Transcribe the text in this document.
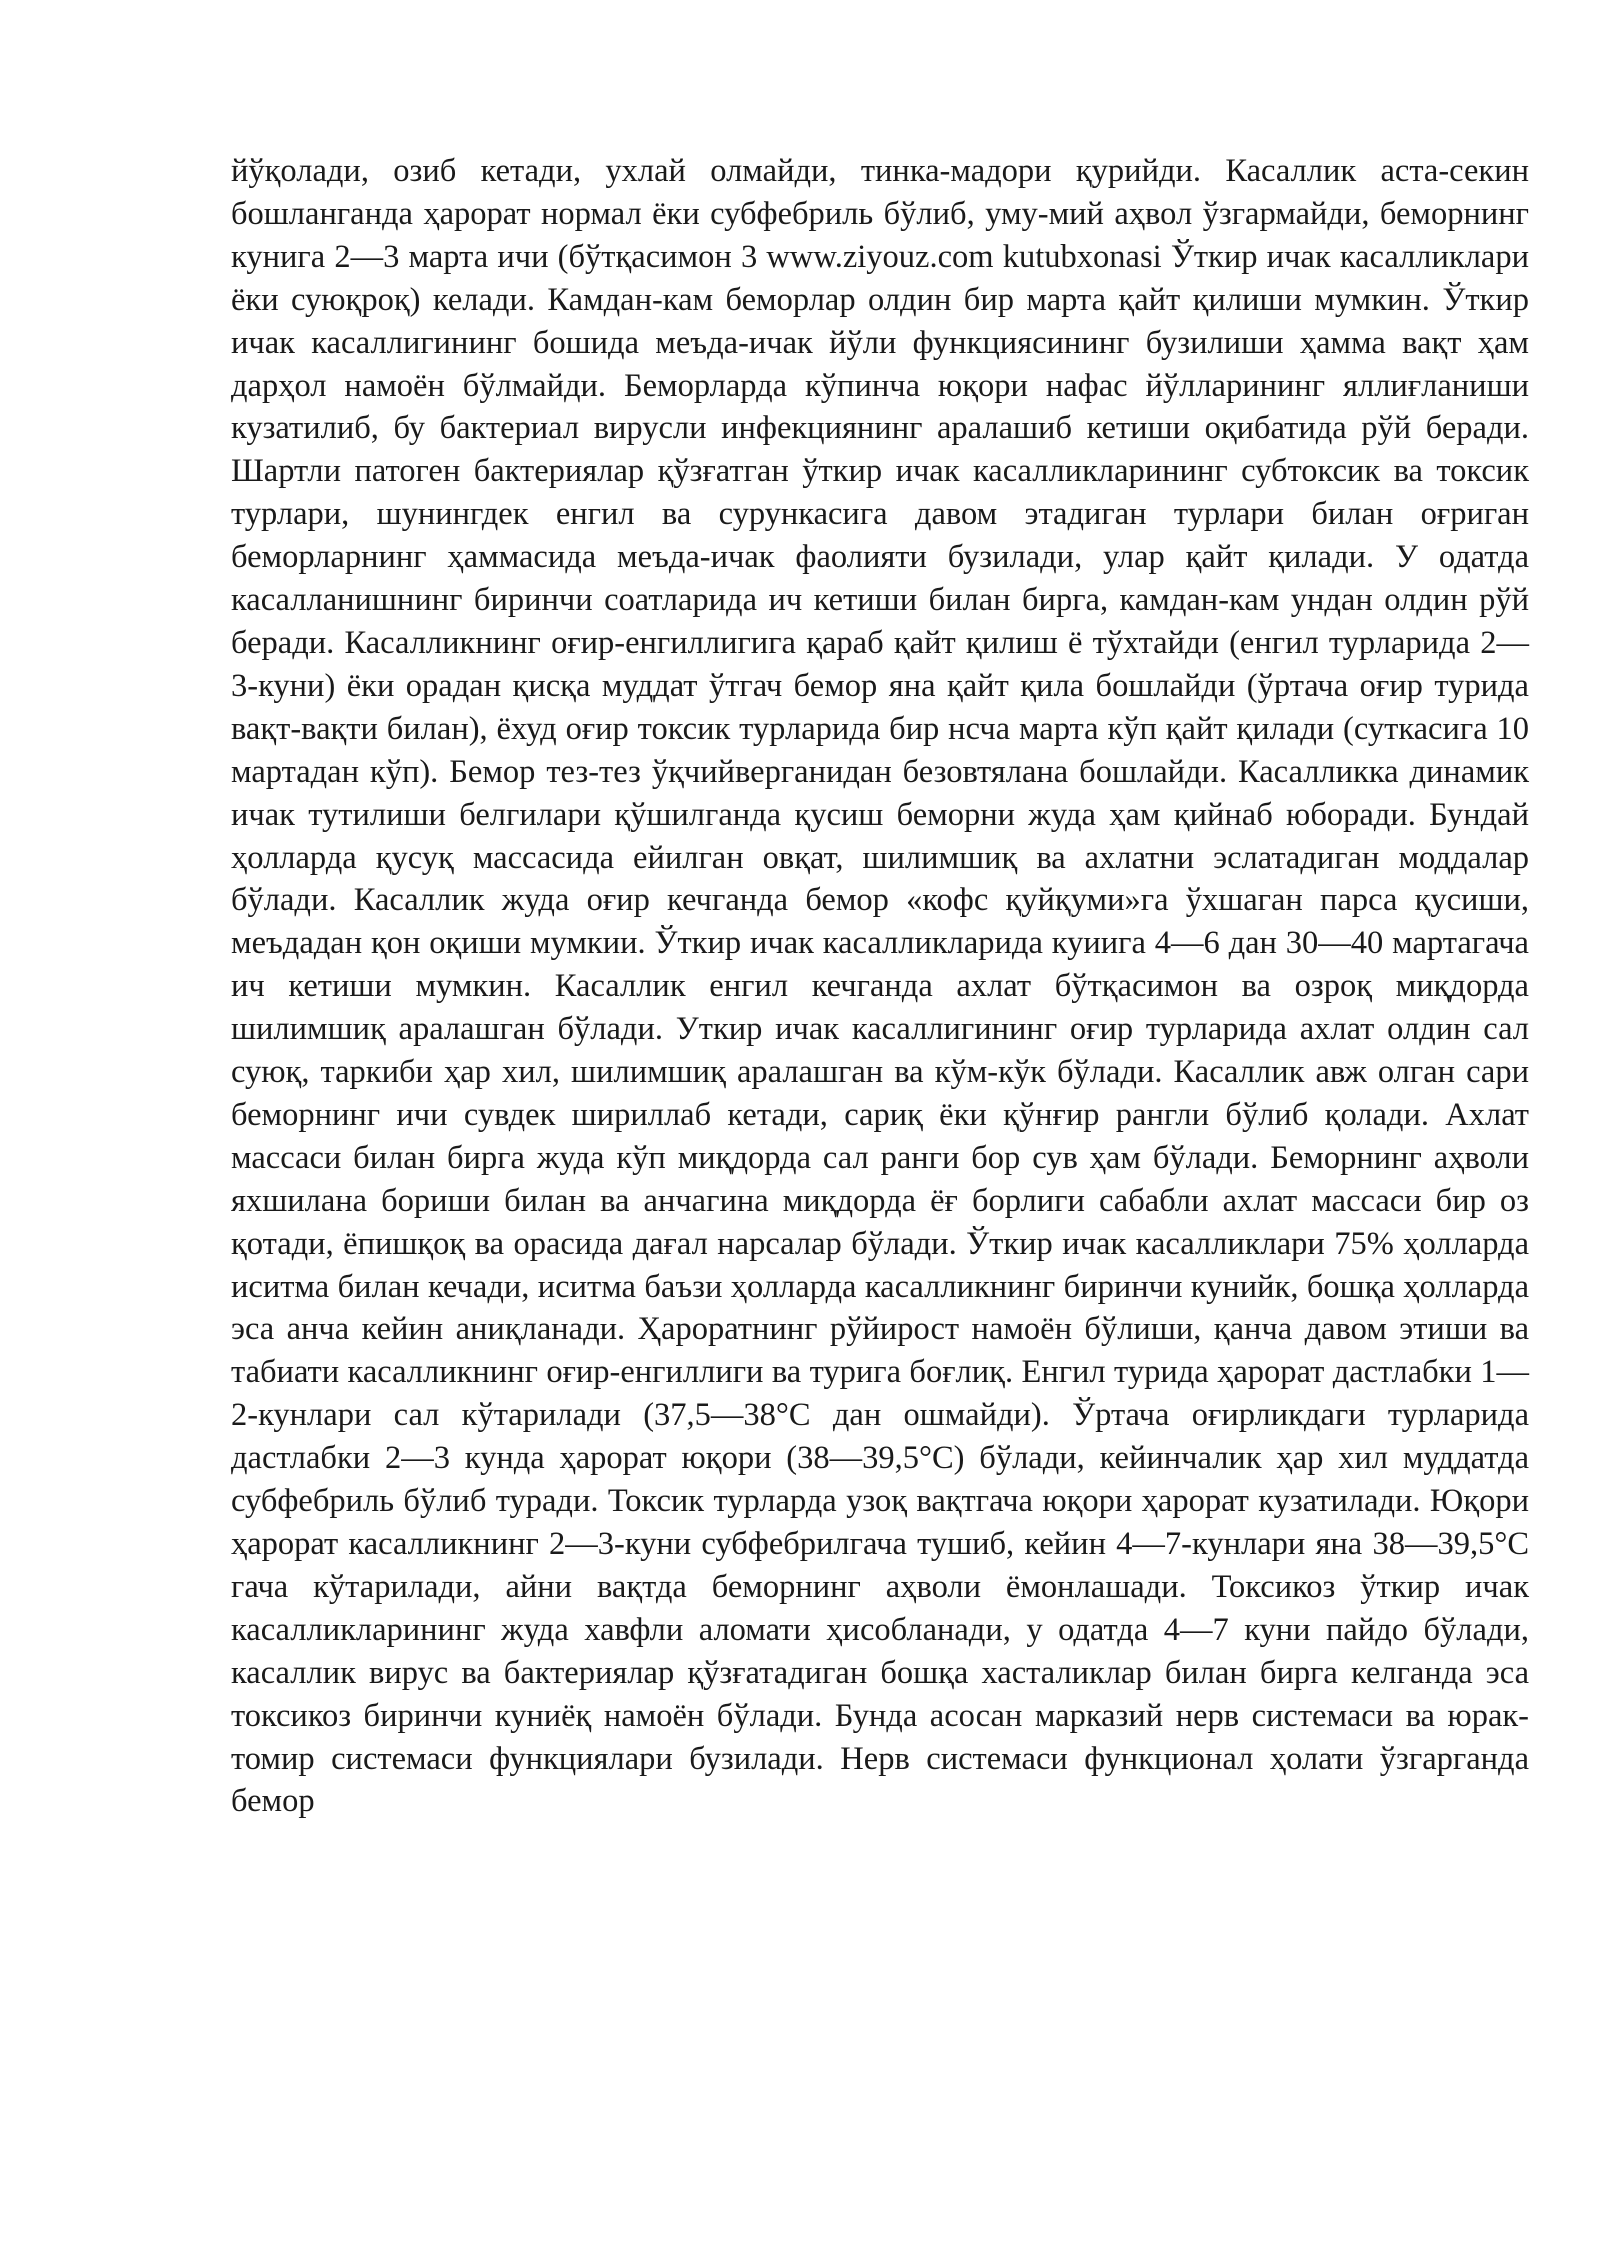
йўқолади, озиб кетади, ухлай олмайди, тинка-мадори қурийди. Касаллик аста-секин бошланганда ҳарорат нормал ёки субфебриль бўлиб, уму-мий аҳвол ўзгармайди, беморнинг кунига 2—3 марта ичи (бўтқасимон 3 www.ziyouz.com kutubxonasi Ўткир ичак касалликлари ёки суюқроқ) келади. Камдан-кам беморлар олдин бир марта қайт қилиши мумкин. Ўткир ичак касаллигининг бошида меъда-ичак йўли функциясининг бузилиши ҳамма вақт ҳам дарҳол намоён бўлмайди. Беморларда кўпинча юқори нафас йўлларининг яллиғланиши кузатилиб, бу бактериал вирусли инфекциянинг аралашиб кетиши оқибатида рўй беради. Шартли патоген бактериялар қўзғатган ўткир ичак касалликларининг субтоксик ва токсик турлари, шунингдек енгил ва сурункасига давом этадиган турлари билан оғриган беморларнинг ҳаммасида меъда-ичак фаолияти бузилади, улар қайт қилади. У одатда касалланишнинг биринчи соатларида ич кетиши билан бирга, камдан-кам ундан олдин рўй беради. Касалликнинг оғир-енгиллигига қараб қайт қилиш ё тўхтайди (енгил турларида 2— 3-куни) ёки орадан қисқа муддат ўтгач бемор яна қайт қила бошлайди (ўртача оғир турида вақт-вақти билан), ёхуд оғир токсик турларида бир нсча марта кўп қайт қилади (суткасига 10 мартадан кўп). Бемор тез-тез ўқчийверганидан безовтялана бошлайди. Касалликка динамик ичак тутилиши белгилари қўшилганда қусиш беморни жуда ҳам қийнаб юборади. Бундай ҳолларда қусуқ массасида ейилган овқат, шилимшиқ ва ахлатни эслатадиган моддалар бўлади. Касаллик жуда оғир кечганда бемор «кофс қуйқуми»га ўхшаган парса қусиши, меъдадан қон оқиши мумкии. Ўткир ичак касалликларида куиига 4—6 дан 30—40 мартагача ич кетиши мумкин. Касаллик енгил кечганда ахлат бўтқасимон ва озроқ миқдорда шилимшиқ аралашган бўлади. Уткир ичак касаллигининг оғир турларида ахлат олдин сал суюқ, таркиби ҳар хил, шилимшиқ аралашган ва кўм-кўк бўлади. Касаллик авж олган сари беморнинг ичи сувдек шириллаб кетади, сариқ ёки қўнғир рангли бўлиб қолади. Ахлат массаси билан бирга жуда кўп миқдорда сал ранги бор сув ҳам бўлади. Беморнинг аҳволи яхшилана бориши билан ва анчагина миқдорда ёғ борлиги сабабли ахлат массаси бир оз қотади, ёпишқоқ ва орасида дағал нарсалар бўлади. Ўткир ичак касалликлари 75% ҳолларда иситма билан кечади, иситма баъзи ҳолларда касалликнинг биринчи кунийк, бошқа ҳолларда эса анча кейин аниқланади. Ҳароратнинг рўйирост намоён бўлиши, қанча давом этиши ва табиати касалликнинг оғир-енгиллиги ва турига боғлиқ. Енгил турида ҳарорат дастлабки 1—2-кунлари сал кўтарилади (37,5—38°С дан ошмайди). Ўртача оғирликдаги турларида дастлабки 2—3 кунда ҳарорат юқори (38—39,5°С) бўлади, кейинчалик ҳар хил муддатда субфебриль бўлиб туради. Токсик турларда узоқ вақтгача юқори ҳарорат кузатилади. Юқори ҳарорат касалликнинг 2—3-куни субфебрилгача тушиб, кейин 4—7-кунлари яна 38—39,5°С гача кўтарилади, айни вақтда беморнинг аҳволи ёмонлашади. Токсикоз ўткир ичак касалликларининг жуда хавфли аломати ҳисобланади, у одатда 4—7 куни пайдо бўлади, касаллик вирус ва бактериялар қўзғатадиган бошқа хасталиклар билан бирга келганда эса токсикоз биринчи куниёқ намоён бўлади. Бунда асосан марказий нерв системаси ва юрак-томир системаси функциялари бузилади. Нерв системаси функционал ҳолати ўзгарганда бемор
